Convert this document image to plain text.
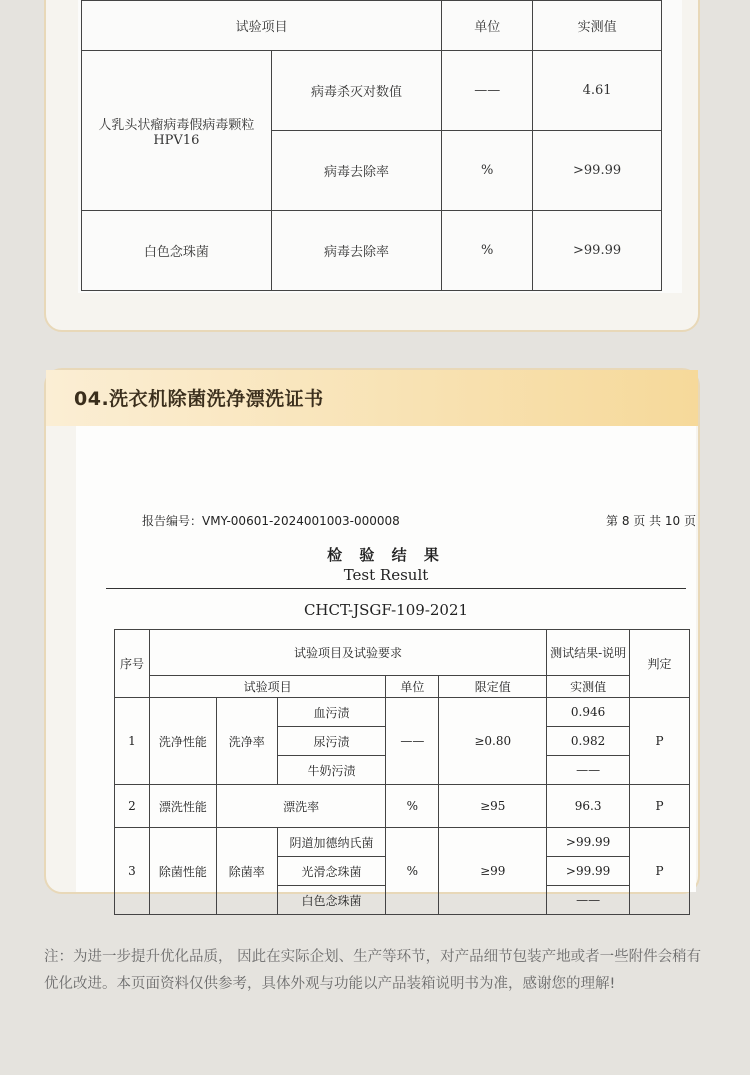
试验项目		单位	实测值

人乳头状瘤病毒假病毒颗粒
HPV16	病毒杀灭对数值	——	4.61
	病毒去除率	%	>99.99
白色念珠菌	病毒去除率	%	>99.99
04.洗衣机除菌洗净漂洗证书
报告编号：VMY-00601-2024001003-000008	第 8 页 共 10 页
检 验 结 果
Test Result
CHCT-JSGF-109-2021
序号	试验项目及试验要求					测试结果-说明	判定
	试验项目			单位	限定值	实测值	
1	洗净性能	洗净率	血污渍	——	≥0.80	0.946	P
			尿污渍			0.982	
			牛奶污渍			——	
2	漂洗性能	漂洗率		%	≥95	96.3	P
3	除菌性能	除菌率	阴道加德纳氏菌	%	≥99	>99.99	P
			光滑念珠菌			>99.99	
			白色念珠菌			——	
注：为进一步提升优化品质， 因此在实际企划、生产等环节，对产品细节包装产地或者一些附件会稍有优化改进。本页面资料仅供参考，具体外观与功能以产品装箱说明书为准，感谢您的理解!
